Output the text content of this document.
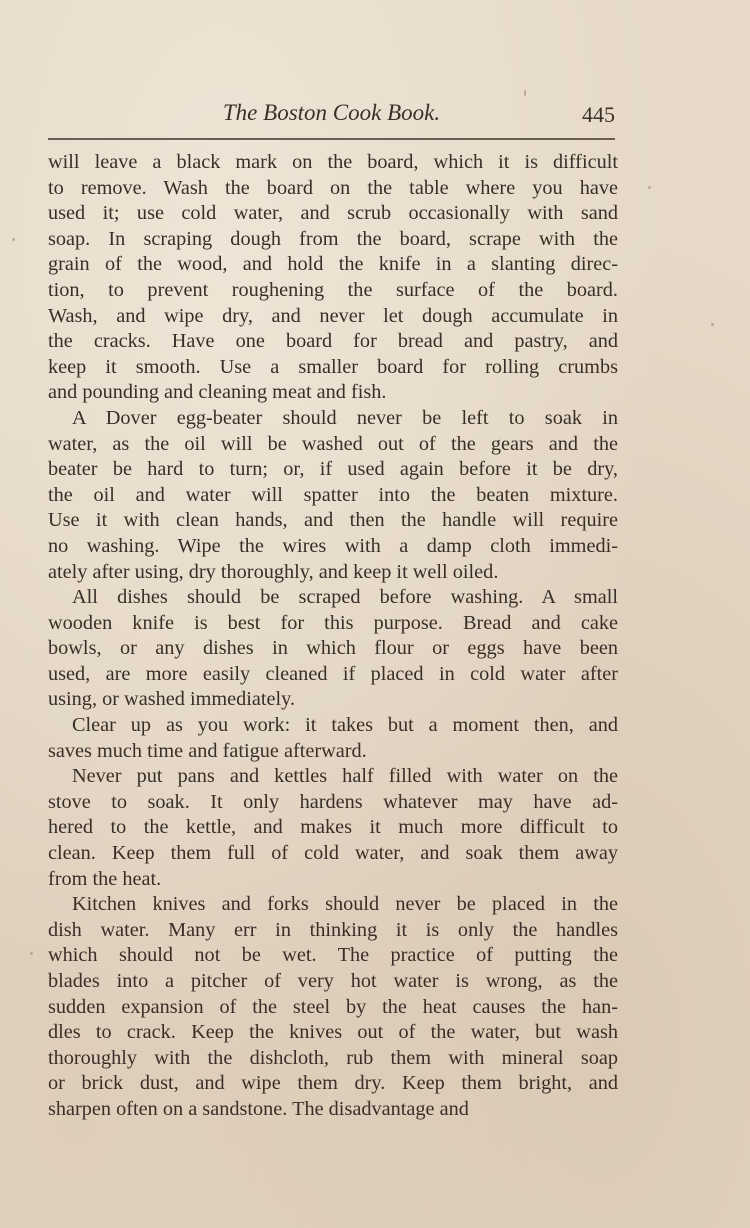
The Boston Cook Book.	445
will leave a black mark on the board, which it is difficult
to remove. Wash the board on the table where you have
used it; use cold water, and scrub occasionally with sand
soap. In scraping dough from the board, scrape with the
grain of the wood, and hold the knife in a slanting direc-
tion, to prevent roughening the surface of the board.
Wash, and wipe dry, and never let dough accumulate in
the cracks. Have one board for bread and pastry, and
keep it smooth. Use a smaller board for rolling crumbs
and pounding and cleaning meat and fish.
A Dover egg-beater should never be left to soak in
water, as the oil will be washed out of the gears and the
beater be hard to turn; or, if used again before it be dry,
the oil and water will spatter into the beaten mixture.
Use it with clean hands, and then the handle will require
no washing. Wipe the wires with a damp cloth immedi-
ately after using, dry thoroughly, and keep it well oiled.
All dishes should be scraped before washing. A small
wooden knife is best for this purpose. Bread and cake
bowls, or any dishes in which flour or eggs have been
used, are more easily cleaned if placed in cold water after
using, or washed immediately.
Clear up as you work: it takes but a moment then, and
saves much time and fatigue afterward.
Never put pans and kettles half filled with water on the
stove to soak. It only hardens whatever may have ad-
hered to the kettle, and makes it much more difficult to
clean. Keep them full of cold water, and soak them away
from the heat.
Kitchen knives and forks should never be placed in the
dish water. Many err in thinking it is only the handles
which should not be wet. The practice of putting the
blades into a pitcher of very hot water is wrong, as the
sudden expansion of the steel by the heat causes the han-
dles to crack. Keep the knives out of the water, but wash
thoroughly with the dishcloth, rub them with mineral soap
or brick dust, and wipe them dry. Keep them bright, and
sharpen often on a sandstone. The disadvantage and
